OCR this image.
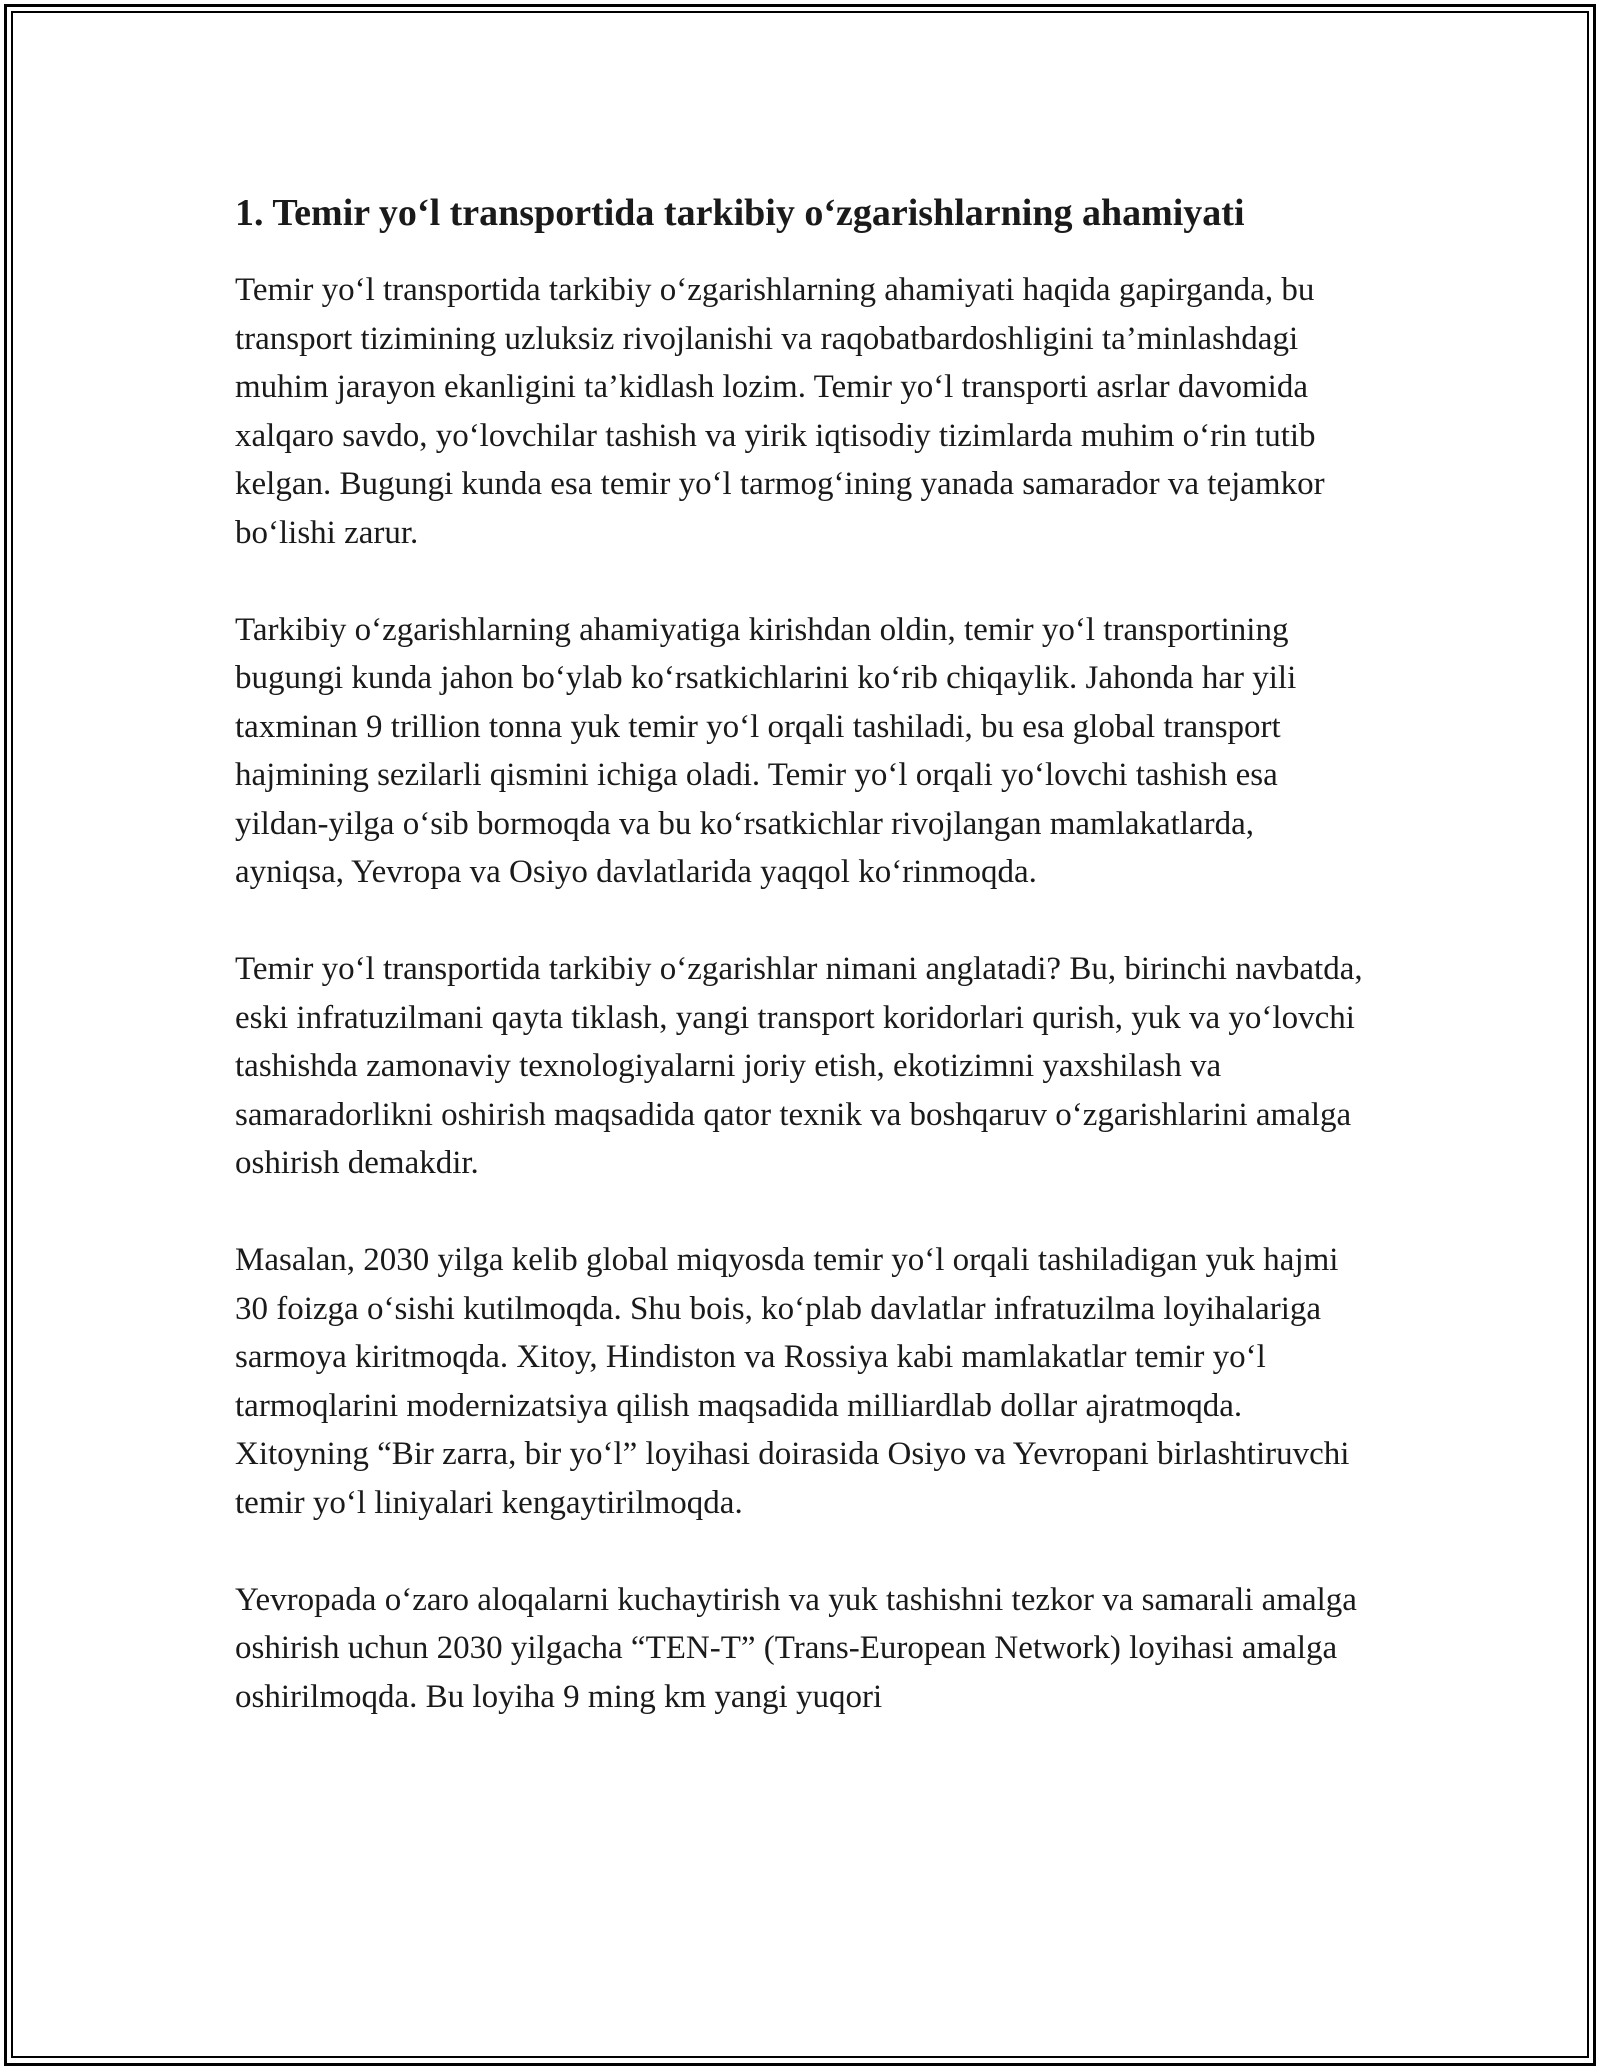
1. Temir yo‘l transportida tarkibiy o‘zgarishlarning ahamiyati

Temir yo‘l transportida tarkibiy o‘zgarishlarning ahamiyati haqida gapirganda, bu transport tizimining uzluksiz rivojlanishi va raqobatbardoshligini ta’minlashdagi muhim jarayon ekanligini ta’kidlash lozim. Temir yo‘l transporti asrlar davomida xalqaro savdo, yo‘lovchilar tashish va yirik iqtisodiy tizimlarda muhim o‘rin tutib kelgan. Bugungi kunda esa temir yo‘l tarmog‘ining yanada samarador va tejamkor bo‘lishi zarur.

Tarkibiy o‘zgarishlarning ahamiyatiga kirishdan oldin, temir yo‘l transportining bugungi kunda jahon bo‘ylab ko‘rsatkichlarini ko‘rib chiqaylik. Jahonda har yili taxminan 9 trillion tonna yuk temir yo‘l orqali tashiladi, bu esa global transport hajmining sezilarli qismini ichiga oladi. Temir yo‘l orqali yo‘lovchi tashish esa yildan-yilga o‘sib bormoqda va bu ko‘rsatkichlar rivojlangan mamlakatlarda, ayniqsa, Yevropa va Osiyo davlatlarida yaqqol ko‘rinmoqda.

Temir yo‘l transportida tarkibiy o‘zgarishlar nimani anglatadi? Bu, birinchi navbatda, eski infratuzilmani qayta tiklash, yangi transport koridorlari qurish, yuk va yo‘lovchi tashishda zamonaviy texnologiyalarni joriy etish, ekotizimni yaxshilash va samaradorlikni oshirish maqsadida qator texnik va boshqaruv o‘zgarishlarini amalga oshirish demakdir.

Masalan, 2030 yilga kelib global miqyosda temir yo‘l orqali tashiladigan yuk hajmi 30 foizga o‘sishi kutilmoqda. Shu bois, ko‘plab davlatlar infratuzilma loyihalariga sarmoya kiritmoqda. Xitoy, Hindiston va Rossiya kabi mamlakatlar temir yo‘l tarmoqlarini modernizatsiya qilish maqsadida milliardlab dollar ajratmoqda. Xitoyning “Bir zarra, bir yo‘l” loyihasi doirasida Osiyo va Yevropani birlashtiruvchi temir yo‘l liniyalari kengaytirilmoqda.

Yevropada o‘zaro aloqalarni kuchaytirish va yuk tashishni tezkor va samarali amalga oshirish uchun 2030 yilgacha “TEN-T” (Trans-European Network) loyihasi amalga oshirilmoqda. Bu loyiha 9 ming km yangi yuqori
